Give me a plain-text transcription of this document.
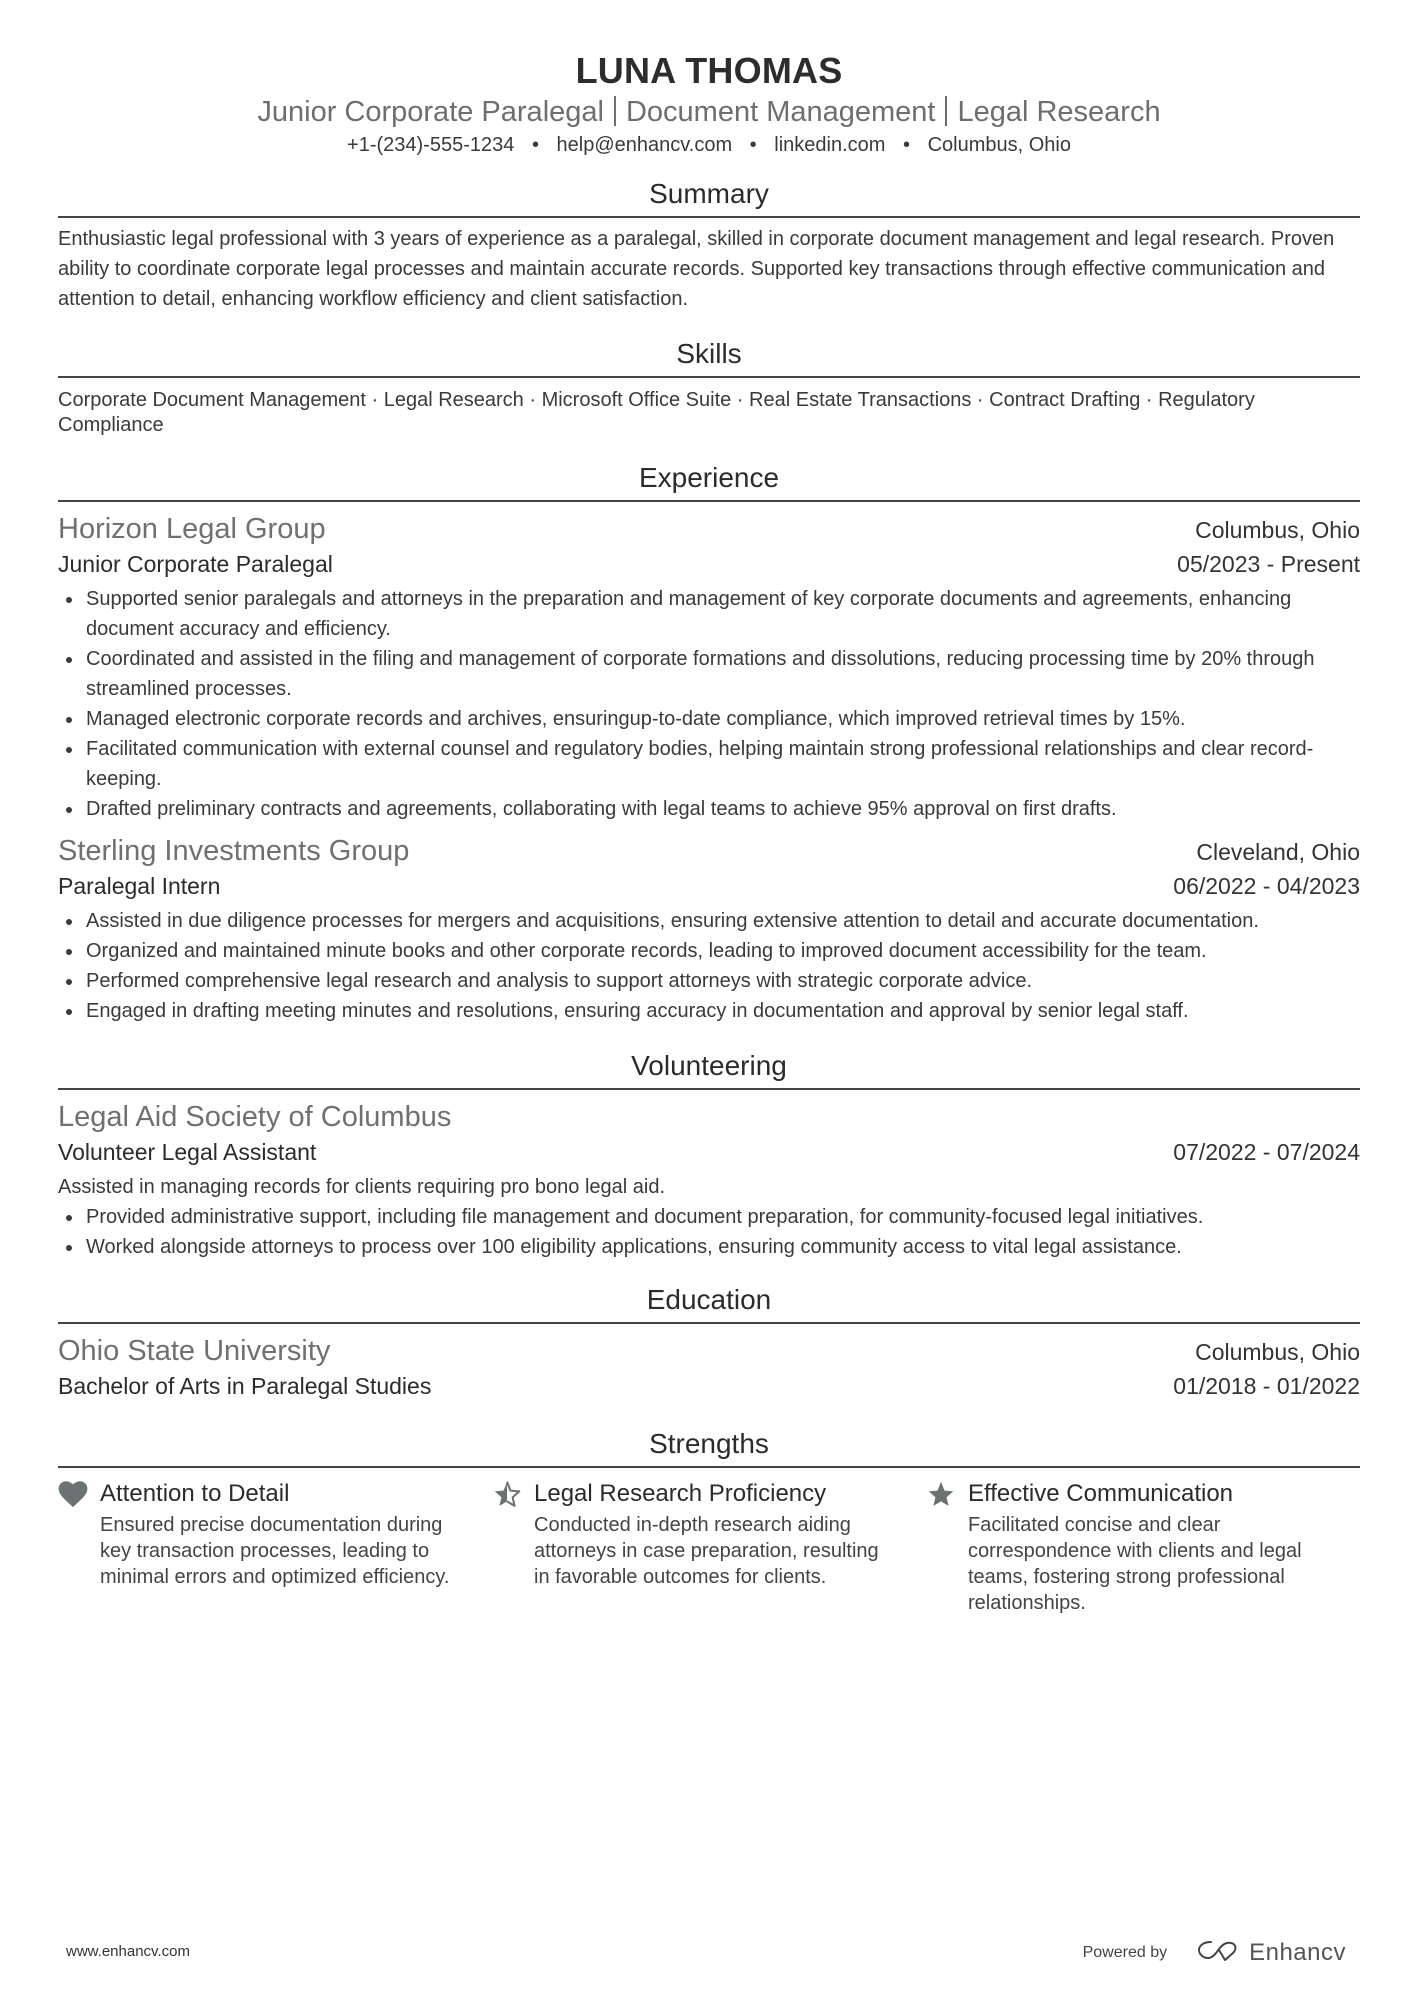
LUNA THOMAS
Junior Corporate Paralegal Document Management Legal Research
+1-(234)-555-1234 • help@enhancv.com • linkedin.com • Columbus, Ohio
Summary
Enthusiastic legal professional with 3 years of experience as a paralegal, skilled in corporate document management and legal research. Proven ability to coordinate corporate legal processes and maintain accurate records. Supported key transactions through effective communication and attention to detail, enhancing workflow efficiency and client satisfaction.
Skills
Corporate Document Management · Legal Research · Microsoft Office Suite · Real Estate Transactions · Contract Drafting · Regulatory Compliance
Experience
Horizon Legal Group	Columbus, Ohio
Junior Corporate Paralegal	05/2023 - Present
Supported senior paralegals and attorneys in the preparation and management of key corporate documents and agreements, enhancing document accuracy and efficiency.
Coordinated and assisted in the filing and management of corporate formations and dissolutions, reducing processing time by 20% through streamlined processes.
Managed electronic corporate records and archives, ensuringup-to-date compliance, which improved retrieval times by 15%.
Facilitated communication with external counsel and regulatory bodies, helping maintain strong professional relationships and clear record-keeping.
Drafted preliminary contracts and agreements, collaborating with legal teams to achieve 95% approval on first drafts.
Sterling Investments Group	Cleveland, Ohio
Paralegal Intern	06/2022 - 04/2023
Assisted in due diligence processes for mergers and acquisitions, ensuring extensive attention to detail and accurate documentation.
Organized and maintained minute books and other corporate records, leading to improved document accessibility for the team.
Performed comprehensive legal research and analysis to support attorneys with strategic corporate advice.
Engaged in drafting meeting minutes and resolutions, ensuring accuracy in documentation and approval by senior legal staff.
Volunteering
Legal Aid Society of Columbus
Volunteer Legal Assistant	07/2022 - 07/2024
Assisted in managing records for clients requiring pro bono legal aid.
Provided administrative support, including file management and document preparation, for community-focused legal initiatives.
Worked alongside attorneys to process over 100 eligibility applications, ensuring community access to vital legal assistance.
Education
Ohio State University	Columbus, Ohio
Bachelor of Arts in Paralegal Studies	01/2018 - 01/2022
Strengths
Attention to Detail
Ensured precise documentation during key transaction processes, leading to minimal errors and optimized efficiency.
Legal Research Proficiency
Conducted in-depth research aiding attorneys in case preparation, resulting in favorable outcomes for clients.
Effective Communication
Facilitated concise and clear correspondence with clients and legal teams, fostering strong professional relationships.
www.enhancv.com	Powered by	Enhancv
